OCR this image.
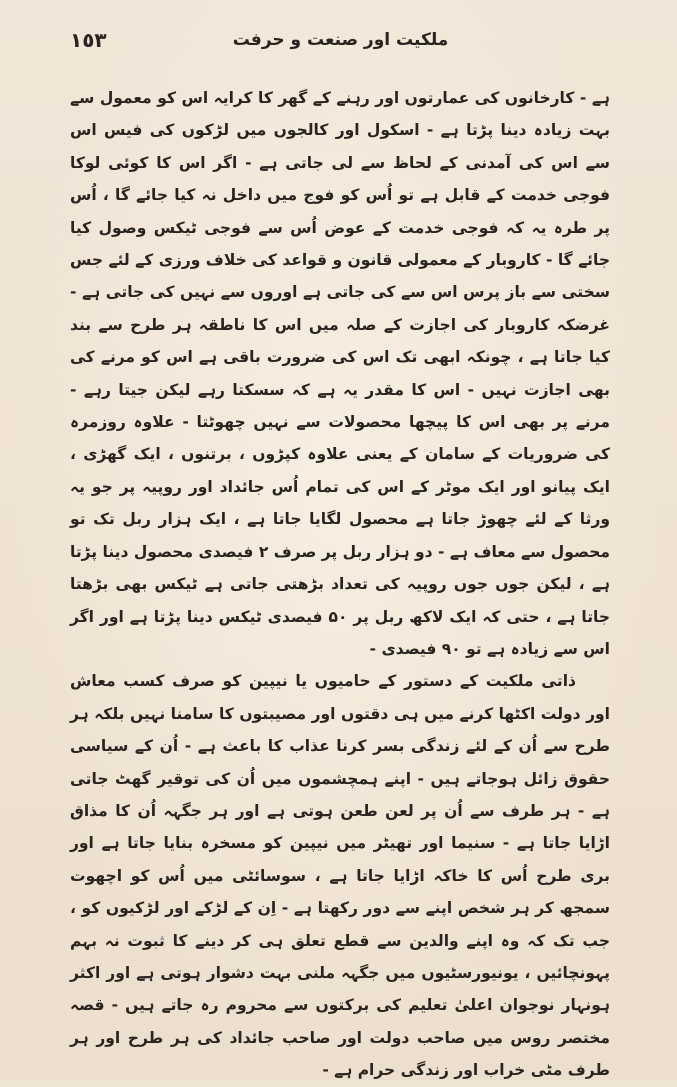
١٥٣	ملکیت اور صنعت و حرفت

ہے - کارخانوں کی عمارتوں اور رہنے کے گھر کا کرایہ اس کو معمول سے بہت زیادہ دینا پڑتا ہے - اسکول اور کالجوں میں لڑکوں کی فیس اس سے اس کی آمدنی کے لحاظ سے لی جاتی ہے - اگر اس کا کوئی لوکا فوجی خدمت کے قابل ہے تو اُس کو فوج میں داخل نہ کیا جائے گا ، اُس پر طرہ یہ کہ فوجی خدمت کے عوض اُس سے فوجی ٹیکس وصول کیا جائے گا - کاروبار کے معمولی قانون و قواعد کی خلاف ورزی کے لئے جس سختی سے باز پرس اس سے کی جاتی ہے اوروں سے نہیں کی جاتی ہے - غرضکہ کاروبار کی اجازت کے صلہ میں اس کا ناطقہ ہر طرح سے بند کیا جاتا ہے ، چونکہ ابھی تک اس کی ضرورت باقی ہے اس کو مرنے کی بھی اجازت نہیں - اس کا مقدر یہ ہے کہ سسکتا رہے لیکن جیتا رہے - مرنے پر بھی اس کا پیچھا محصولات سے نہیں چھوٹتا - علاوہ روزمرہ کی ضروریات کے سامان کے یعنی علاوہ کپڑوں ، برتنوں ، ایک گھڑی ، ایک پیانو اور ایک موٹر کے اس کی تمام اُس جائداد اور روپیہ پر جو یہ ورثا کے لئے چھوڑ جاتا ہے محصول لگایا جاتا ہے ، ایک ہزار ربل تک تو محصول سے معاف ہے - دو ہزار ربل پر صرف ۲ فیصدی محصول دینا پڑتا ہے ، لیکن جوں جوں روپیہ کی تعداد بڑھتی جاتی ہے ٹیکس بھی بڑھتا جاتا ہے ، حتی کہ ایک لاکھ ربل پر ۵۰ فیصدی ٹیکس دینا پڑتا ہے اور اگر اس سے زیادہ ہے تو ۹۰ فیصدی -

ذاتی ملکیت کے دستور کے حامیوں یا نیپین کو صرف کسب معاش اور دولت اکٹھا کرنے میں ہی دقتوں اور مصیبتوں کا سامنا نہیں بلکہ ہر طرح سے اُن کے لئے زندگی بسر کرنا عذاب کا باعث ہے - اُن کے سیاسی حقوق زائل ہوجاتے ہیں - اپنے ہمچشموں میں اُن کی توقیر گھٹ جاتی ہے - ہر طرف سے اُن پر لعن طعن ہوتی ہے اور ہر جگہہ اُن کا مذاق اڑایا جاتا ہے - سنیما اور تھیٹر میں نیپین کو مسخرہ بنایا جاتا ہے اور بری طرح اُس کا خاکہ اڑایا جاتا ہے ، سوسائٹی میں اُس کو اچھوت سمجھ کر ہر شخص اپنے سے دور رکھتا ہے - اِن کے لڑکے اور لڑکیوں کو ، جب تک کہ وہ اپنے والدین سے قطع تعلق ہی کر دینے کا ثبوت نہ بہم پہونچائیں ، یونیورسٹیوں میں جگہہ ملنی بہت دشوار ہوتی ہے اور اکثر ہونہار نوجوان اعلیٰ تعلیم کی برکتوں سے محروم رہ جاتے ہیں - قصہ مختصر روس میں صاحب دولت اور صاحب جائداد کی ہر طرح اور ہر طرف مٹی خراب اور زندگی حرام ہے -
